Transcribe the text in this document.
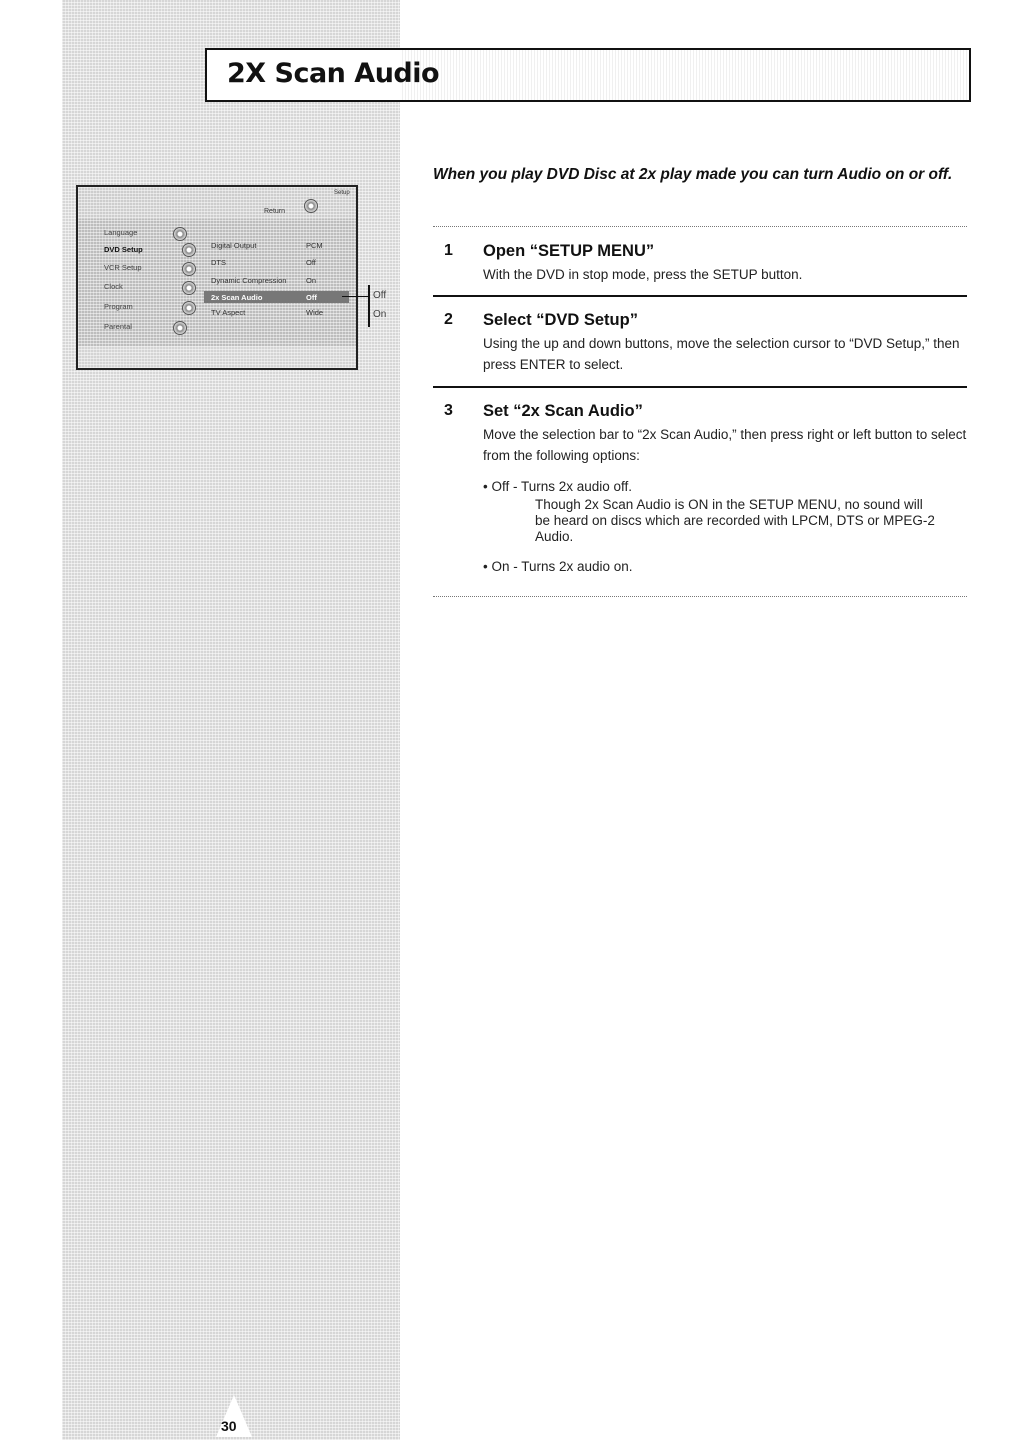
2X Scan Audio
Setup
Return
Language
DVD Setup
VCR Setup
Clock
Program
Parental
Digital Output	PCM
DTS	Off
Dynamic Compression	On
2x Scan Audio	Off
TV Aspect	Wide
Off
On
When you play DVD Disc at 2x play made you can turn Audio on or off.
1 Open “SETUP MENU”
With the DVD in stop mode, press the SETUP button.
2 Select “DVD Setup”
Using the up and down buttons, move the selection cursor to “DVD Setup,” then press ENTER to select.
3 Set “2x Scan Audio”
Move the selection bar to “2x Scan Audio,” then press right or left button to select from the following options:
• Off - Turns 2x audio off.
Though 2x Scan Audio is ON in the SETUP MENU, no sound will be heard on discs which are recorded with LPCM, DTS or MPEG-2 Audio.
• On - Turns 2x audio on.
30
